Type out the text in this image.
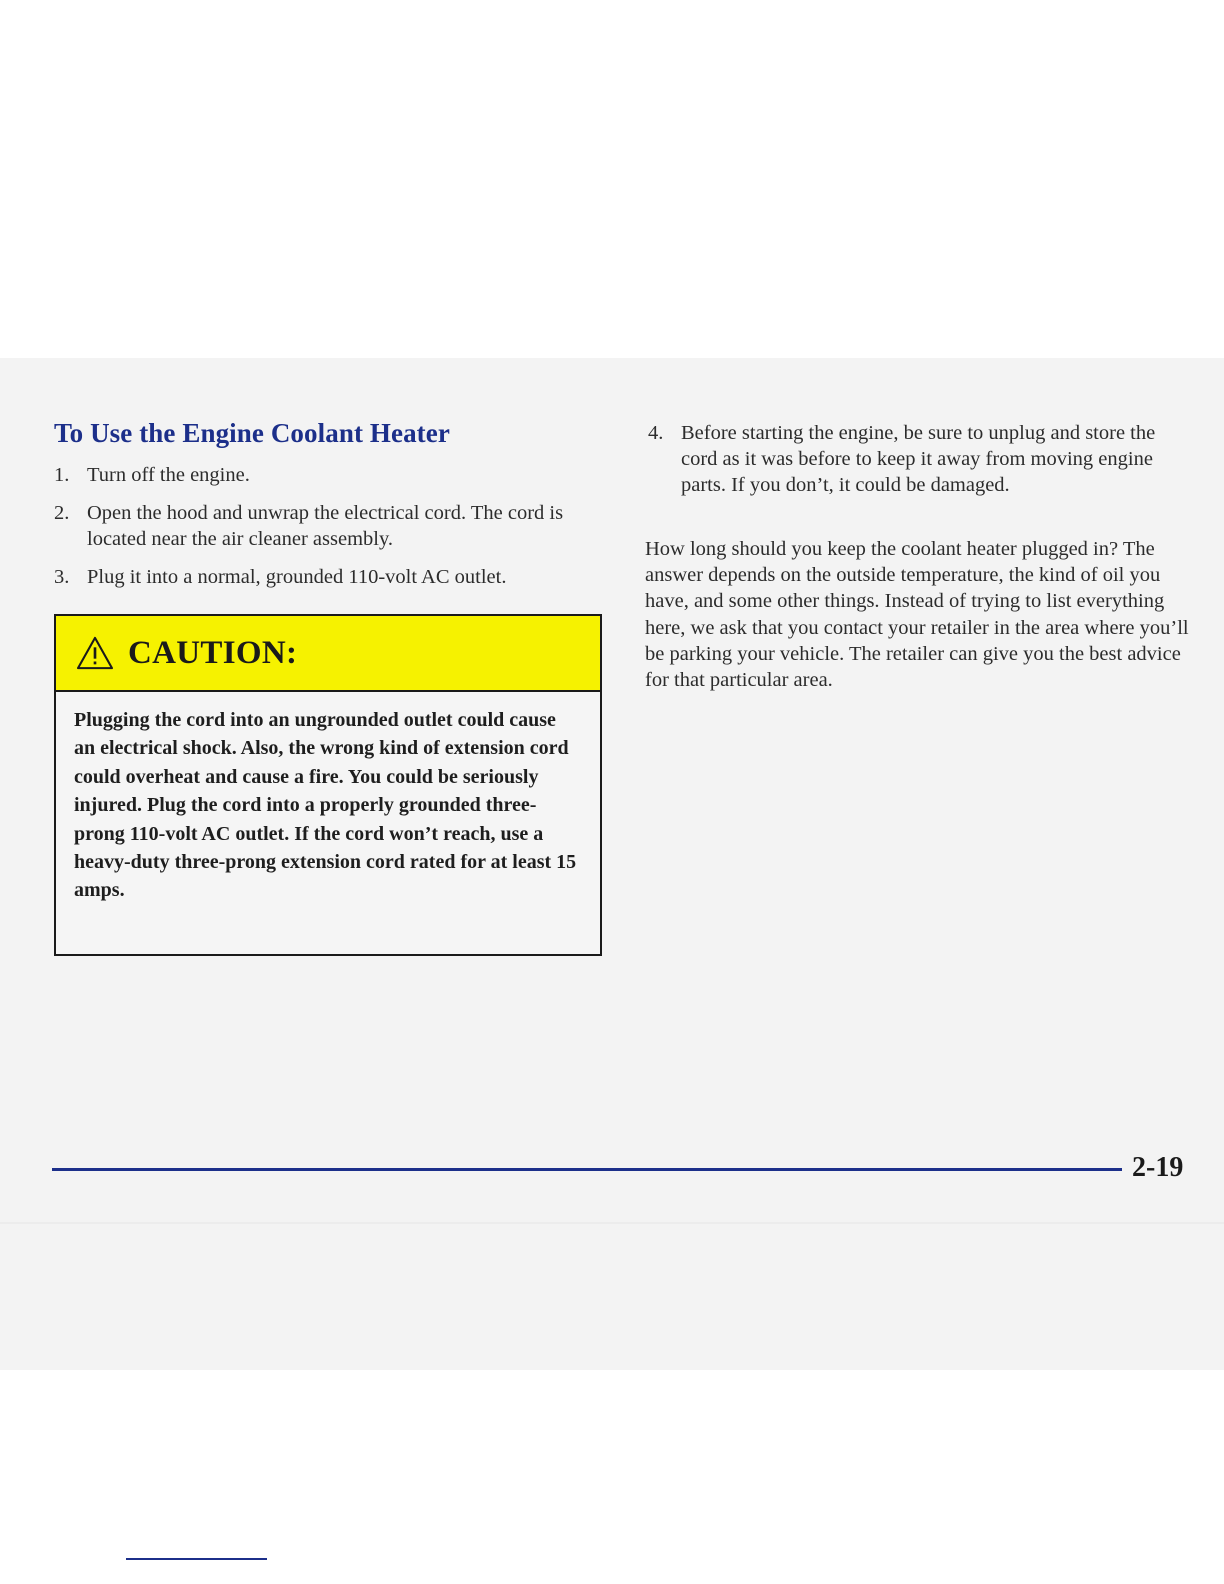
To Use the Engine Coolant Heater
1. Turn off the engine.
2. Open the hood and unwrap the electrical cord. The cord is located near the air cleaner assembly.
3. Plug it into a normal, grounded 110-volt AC outlet.
CAUTION:

Plugging the cord into an ungrounded outlet could cause an electrical shock. Also, the wrong kind of extension cord could overheat and cause a fire. You could be seriously injured. Plug the cord into a properly grounded three-prong 110-volt AC outlet. If the cord won’t reach, use a heavy-duty three-prong extension cord rated for at least 15 amps.

4. Before starting the engine, be sure to unplug and store the cord as it was before to keep it away from moving engine parts. If you don’t, it could be damaged.

How long should you keep the coolant heater plugged in? The answer depends on the outside temperature, the kind of oil you have, and some other things. Instead of trying to list everything here, we ask that you contact your retailer in the area where you’ll be parking your vehicle. The retailer can give you the best advice for that particular area.

2-19
